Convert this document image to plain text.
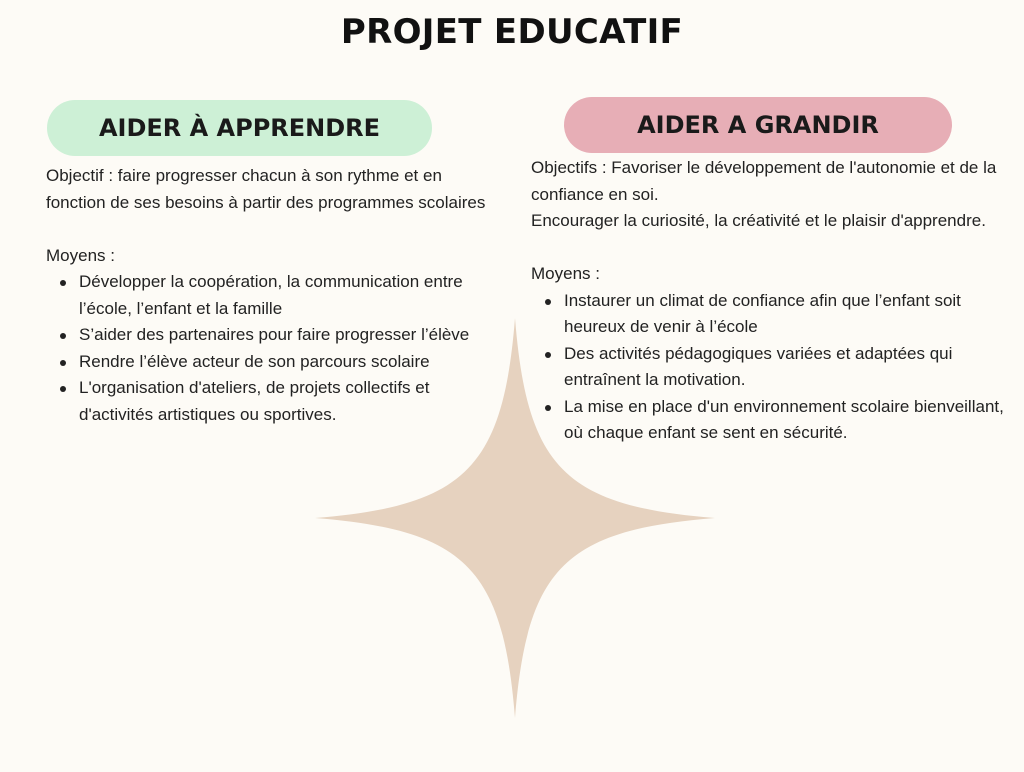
PROJET EDUCATIF
AIDER À APPRENDRE	AIDER A GRANDIR

Objectif : faire progresser chacun à son rythme et en fonction de ses besoins à partir des programmes scolaires

Moyens :

Développer la coopération, la communication entre l’école, l’enfant et la famille
S’aider des partenaires pour faire progresser l’élève
Rendre l’élève acteur de son parcours scolaire
L'organisation d'ateliers, de projets collectifs et d'activités artistiques ou sportives.

Objectifs : Favoriser le développement de l'autonomie et de la confiance en soi.

Encourager la curiosité, la créativité et le plaisir d'apprendre.

Moyens :

Instaurer un climat de confiance afin que l’enfant soit heureux de venir à l’école
Des activités pédagogiques variées et adaptées qui entraînent la motivation.
La mise en place d'un environnement scolaire bienveillant, où chaque enfant se sent en sécurité.
